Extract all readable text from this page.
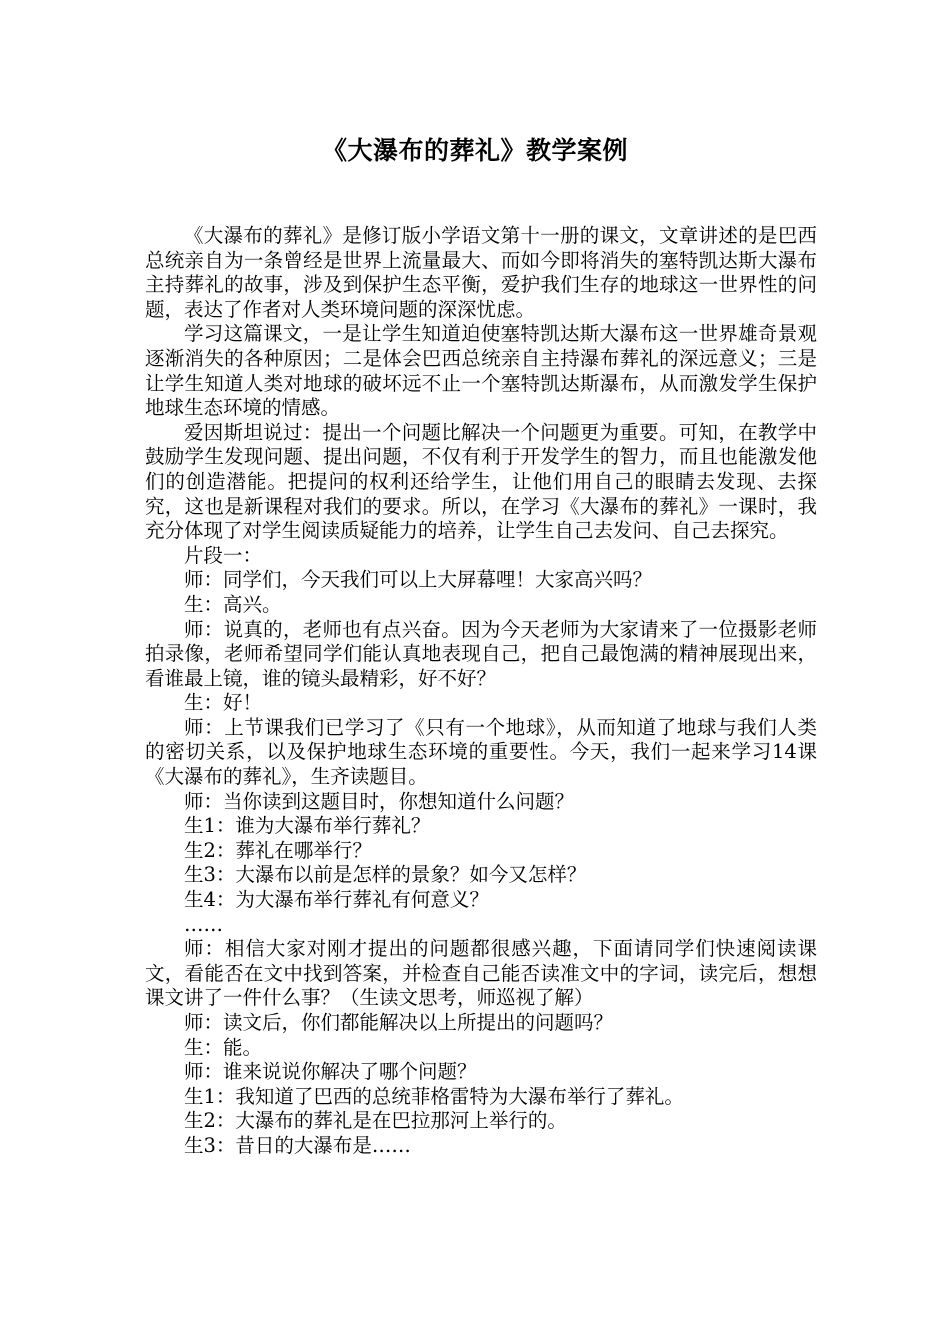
《大瀑布的葬礼》教学案例

《大瀑布的葬礼》是修订版小学语文第十一册的课文，文章讲述的是巴西总统亲自为一条曾经是世界上流量最大、而如今即将消失的塞特凯达斯大瀑布主持葬礼的故事，涉及到保护生态平衡，爱护我们生存的地球这一世界性的问题，表达了作者对人类环境问题的深深忧虑。

学习这篇课文，一是让学生知道迫使塞特凯达斯大瀑布这一世界雄奇景观逐渐消失的各种原因；二是体会巴西总统亲自主持瀑布葬礼的深远意义；三是让学生知道人类对地球的破坏远不止一个塞特凯达斯瀑布，从而激发学生保护地球生态环境的情感。

爱因斯坦说过：提出一个问题比解决一个问题更为重要。可知，在教学中鼓励学生发现问题、提出问题，不仅有利于开发学生的智力，而且也能激发他们的创造潜能。把提问的权利还给学生，让他们用自己的眼睛去发现、去探究，这也是新课程对我们的要求。所以，在学习《大瀑布的葬礼》一课时，我充分体现了对学生阅读质疑能力的培养，让学生自己去发问、自己去探究。

片段一：

师：同学们，今天我们可以上大屏幕哩！大家高兴吗？

生：高兴。

师：说真的，老师也有点兴奋。因为今天老师为大家请来了一位摄影老师拍录像，老师希望同学们能认真地表现自己，把自己最饱满的精神展现出来，看谁最上镜，谁的镜头最精彩，好不好？

生：好！

师：上节课我们已学习了《只有一个地球》，从而知道了地球与我们人类的密切关系，以及保护地球生态环境的重要性。今天，我们一起来学习14课《大瀑布的葬礼》，生齐读题目。

师：当你读到这题目时，你想知道什么问题？

生1：谁为大瀑布举行葬礼？

生2：葬礼在哪举行？

生3：大瀑布以前是怎样的景象？如今又怎样？

生4：为大瀑布举行葬礼有何意义？

……

师：相信大家对刚才提出的问题都很感兴趣，下面请同学们快速阅读课文，看能否在文中找到答案，并检查自己能否读准文中的字词，读完后，想想课文讲了一件什么事？（生读文思考，师巡视了解）

师：读文后，你们都能解决以上所提出的问题吗？

生：能。

师：谁来说说你解决了哪个问题？

生1：我知道了巴西的总统菲格雷特为大瀑布举行了葬礼。

生2：大瀑布的葬礼是在巴拉那河上举行的。

生3：昔日的大瀑布是……
